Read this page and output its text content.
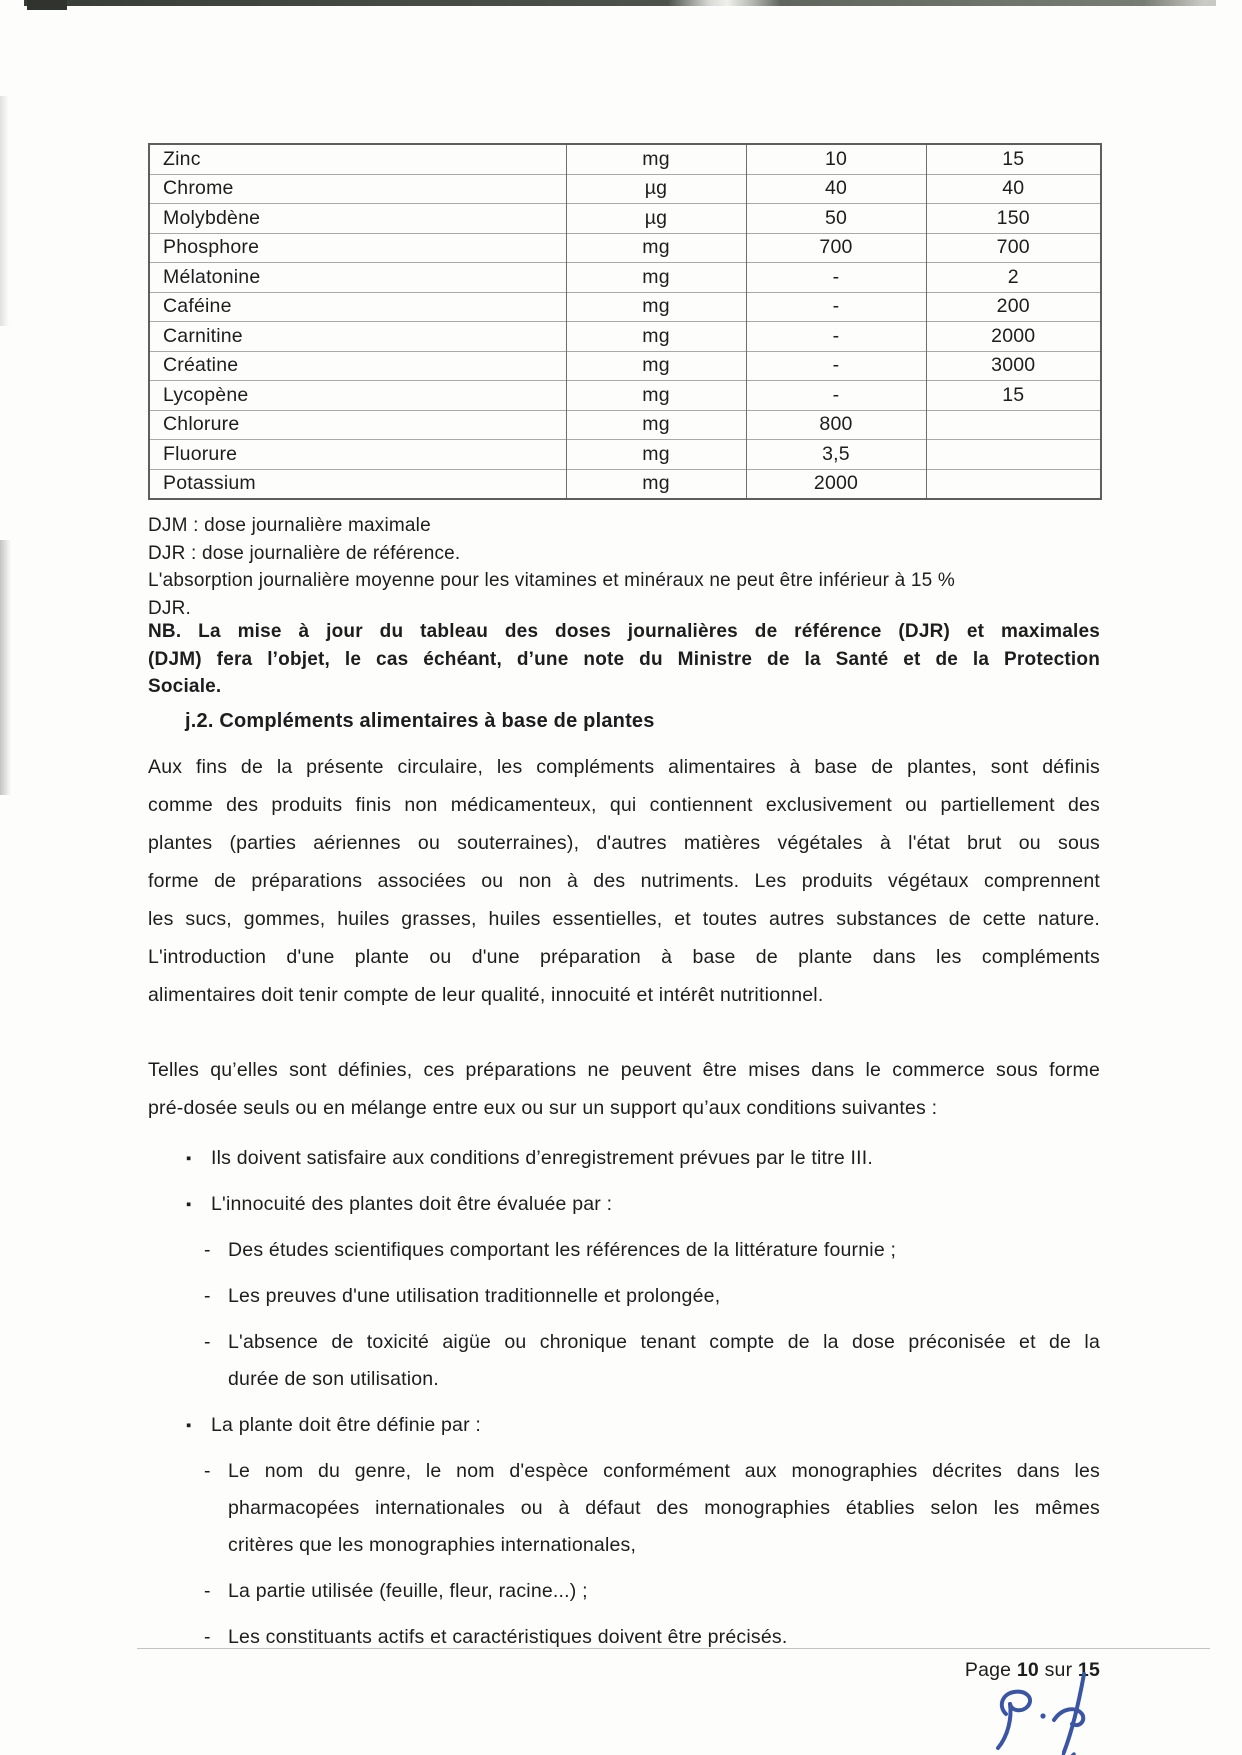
Zinc	mg	10	15
Chrome	µg	40	40
Molybdène	µg	50	150
Phosphore	mg	700	700
Mélatonine	mg	-	2
Caféine	mg	-	200
Carnitine	mg	-	2000
Créatine	mg	-	3000
Lycopène	mg	-	15
Chlorure	mg	800	
Fluorure	mg	3,5	
Potassium	mg	2000	
DJM : dose journalière maximale
DJR : dose journalière de référence.
L'absorption journalière moyenne pour les vitamines et minéraux ne peut être inférieur à 15 %
DJR.
NB. La mise à jour du tableau des doses journalières de référence (DJR) et maximales
(DJM) fera l’objet, le cas échéant, d’une note du Ministre de la Santé et de la Protection
Sociale.
j.2. Compléments alimentaires à base de plantes
Aux fins de la présente circulaire, les compléments alimentaires à base de plantes, sont définis
comme des produits finis non médicamenteux, qui contiennent exclusivement ou partiellement des
plantes (parties aériennes ou souterraines), d'autres matières végétales à l'état brut ou sous
forme de préparations associées ou non à des nutriments. Les produits végétaux comprennent
les sucs, gommes, huiles grasses, huiles essentielles, et toutes autres substances de cette nature.
L'introduction d'une plante ou d'une préparation à base de plante dans les compléments
alimentaires doit tenir compte de leur qualité, innocuité et intérêt nutritionnel.
Telles qu’elles sont définies, ces préparations ne peuvent être mises dans le commerce sous forme
pré-dosée seuls ou en mélange entre eux ou sur un support qu’aux conditions suivantes :
▪ Ils doivent satisfaire aux conditions d’enregistrement prévues par le titre III.
▪ L'innocuité des plantes doit être évaluée par :
- Des études scientifiques comportant les références de la littérature fournie ;
- Les preuves d'une utilisation traditionnelle et prolongée,
- L'absence de toxicité aigüe ou chronique tenant compte de la dose préconisée et de la
durée de son utilisation.
▪ La plante doit être définie par :
- Le nom du genre, le nom d'espèce conformément aux monographies décrites dans les
pharmacopées internationales ou à défaut des monographies établies selon les mêmes
critères que les monographies internationales,
- La partie utilisée (feuille, fleur, racine...) ;
- Les constituants actifs et caractéristiques doivent être précisés.
Page 10 sur 15
